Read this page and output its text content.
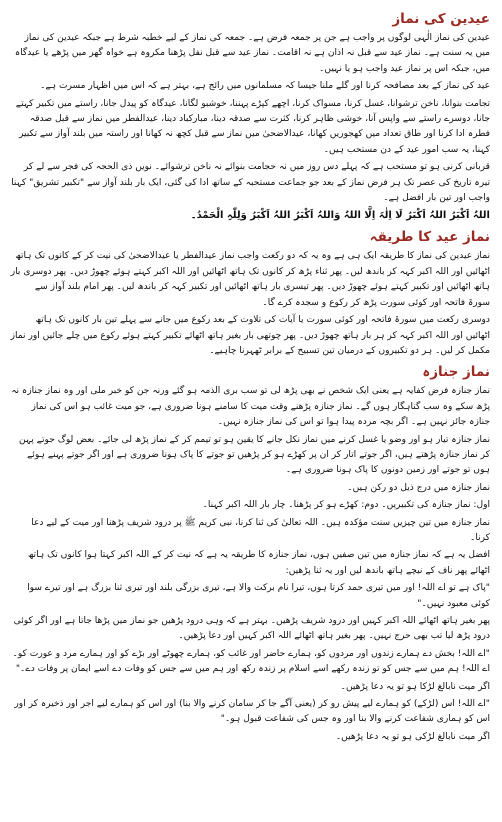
عیدین کی نماز

عیدین کی نماز الٰہی لوگوں پر واجب ہے جن پر جمعہ فرض ہے۔ جمعہ کی نماز کے لیے خطبہ شرط ہے جبکہ عیدین کی نماز میں یہ سنت ہے۔ نماز عید سے قبل نہ اذان ہے نہ اقامت۔ نماز عید سے قبل نفل پڑھنا مکروہ ہے خواہ گھر میں پڑھے یا عیدگاہ میں، جبکہ اس پر نماز عید واجب ہو یا نہیں۔

عید کی نماز کے بعد مصافحہ کرنا اور گلے ملنا جیسا کہ مسلمانوں میں رائج ہے، بہتر ہے کہ اس میں اظہار مسرت ہے۔

تجامت بنوانا، ناخن ترشوانا، غسل کرنا، مسواک کرنا، اچھے کپڑے پہننا، خوشبو لگانا، عیدگاہ کو پیدل جانا، راستے میں تکبیر کہتے جانا، دوسرے راستے سے واپس آنا، خوشی ظاہر کرنا، کثرت سے صدقہ دینا، مبارکباد دینا، عیدالفطر میں نماز سے قبل صدقہ فطرہ ادا کرنا اور طاق تعداد میں کھجوریں کھانا، عیدالاضحیٰ میں نماز سے قبل کچھ نہ کھانا اور راستہ میں بلند آواز سے تکبیر کہنا، یہ سب امور عید کے دن مستحب ہیں۔

قربانی کرنی ہو تو مستحب ہے کہ پہلے دس روز میں نہ حجامت بنوائے نہ ناخن ترشوائے۔ نویں ذی الحجہ کی فجر سے لے کر تیرہ تاریخ کی عصر تک ہر فرض نماز کے بعد جو جماعت مستحبہ کے ساتھ ادا کی گئی، ایک بار بلند آواز سے "تکبیر تشریق" کہنا واجب اور تین بار افضل ہے۔

اللہُ اَکْبَرُ اللہُ اَکْبَرُ لَا اِلٰہَ اِلَّا اللہُ وَاللہُ اَکْبَرُ اللہُ اَکْبَرُ وَلِلّٰہِ الْحَمْدُ۔

نماز عید کا طریقہ

نماز عیدین کی نماز کا طریقہ ایک ہی ہے وہ یہ کہ دو رکعت واجب نماز عیدالفطر یا عیدالاضحیٰ کی نیت کر کے کانوں تک ہاتھ اٹھائیں اور اللہ اکبر کہہ کر باندھ لیں۔ پھر ثناء پڑھ کر کانوں تک ہاتھ اٹھائیں اور اللہ اکبر کہتے ہوئے چھوڑ دیں۔ پھر دوسری بار ہاتھ اٹھائیں اور تکبیر کہتے ہوئے چھوڑ دیں۔ پھر تیسری بار ہاتھ اٹھائیں اور تکبیر کہہ کر باندھ لیں۔ پھر امام بلند آواز سے سورۃ فاتحہ اور کوئی سورت پڑھ کر رکوع و سجدہ کرے گا۔

دوسری رکعت میں سورۃ فاتحہ اور کوئی سورت یا آیات کی تلاوت کے بعد رکوع میں جانے سے پہلے تین بار کانوں تک ہاتھ اٹھائیں اور اللہ اکبر کہہ کر ہر بار ہاتھ چھوڑ دیں۔ پھر چوتھی بار بغیر ہاتھ اٹھائے تکبیر کہتے ہوئے رکوع میں چلے جائیں اور نماز مکمل کر لیں۔ ہر دو تکبیروں کے درمیان تین تسبیح کے برابر ٹھہرنا چاہیے۔

نماز جنازہ

نماز جنازہ فرض کفایہ ہے یعنی ایک شخص نے بھی پڑھ لی تو سب بری الذمہ ہو گئے ورنہ جن کو خبر ملی اور وہ نماز جنازہ نہ پڑھ سکے وہ سب گناہگار ہوں گے۔ نماز جنازہ پڑھنے وقت میت کا سامنے ہونا ضروری ہے، جو میت غائب ہو اس کی نماز جنازہ جائز نہیں ہے۔ اگر بچہ مردہ پیدا ہوا تو اس کی نماز جنازہ نہیں۔

نماز جنازہ تیار ہو اور وضو یا غسل کرنے میں نماز نکل جانے کا یقین ہو تو تیمم کر کے نماز پڑھ لی جائے۔ بعض لوگ جوتے پہن کر نماز جنازہ پڑھتے ہیں، اگر جوتے اتار کر ان پر کھڑے ہو کر پڑھیں تو جوتے کا پاک ہونا ضروری ہے اور اگر جوتے پہنے ہوئے ہوں تو جوتے اور زمین دونوں کا پاک ہونا ضروری ہے۔

نماز جنازہ میں درج ذیل دو رکن ہیں۔

اول: نماز جنازہ کی تکبیریں۔ دوم: کھڑے ہو کر پڑھنا۔ چار بار اللہ اکبر کہنا۔

نماز جنازہ میں تین چیزیں سنت مؤکدہ ہیں۔ اللہ تعالیٰ کی ثنا کرنا، نبی کریم ﷺ پر درود شریف پڑھنا اور میت کے لیے دعا کرنا۔

افضل یہ ہے کہ نماز جنازہ میں تین صفیں ہوں، نماز جنازہ کا طریقہ یہ ہے کہ نیت کر کے اللہ اکبر کہتا ہوا کانوں تک ہاتھ اٹھائے پھر ناف کے نیچے ہاتھ باندھ لیں اور یہ ثنا پڑھیں:

"پاک ہے تو اے اللہ! اور میں تیری حمد کرتا ہوں، تیرا نام برکت والا ہے، تیری بزرگی بلند اور تیری ثنا بزرگ ہے اور تیرے سوا کوئی معبود نہیں۔"

پھر بغیر ہاتھ اٹھائے اللہ اکبر کہیں اور درود شریف پڑھیں۔ بہتر ہے کہ وہی درود پڑھیں جو نماز میں پڑھا جاتا ہے اور اگر کوئی درود پڑھ لیا تب بھی حرج نہیں۔ پھر بغیر ہاتھ اٹھائے اللہ اکبر کہیں اور دعا پڑھیں۔

"اے اللہ! بخش دے ہمارے زندوں اور مردوں کو، ہمارے حاضر اور غائب کو، ہمارے چھوٹے اور بڑے کو اور ہمارے مرد و عورت کو۔ اے اللہ! ہم میں سے جس کو تو زندہ رکھے اسے اسلام پر زندہ رکھ اور ہم میں سے جس کو وفات دے اسے ایمان پر وفات دے۔"

اگر میت نابالغ لڑکا ہو تو یہ دعا پڑھیں۔

"اے اللہ! اس (لڑکے) کو ہمارے لیے پیش رو کر (یعنی آگے جا کر سامان کرنے والا بنا) اور اس کو ہمارے لیے اجر اور ذخیرہ کر اور اس کو ہماری شفاعت کرنے والا بنا اور وہ جس کی شفاعت قبول ہو۔"

اگر میت نابالغ لڑکی ہو تو یہ دعا پڑھیں۔
